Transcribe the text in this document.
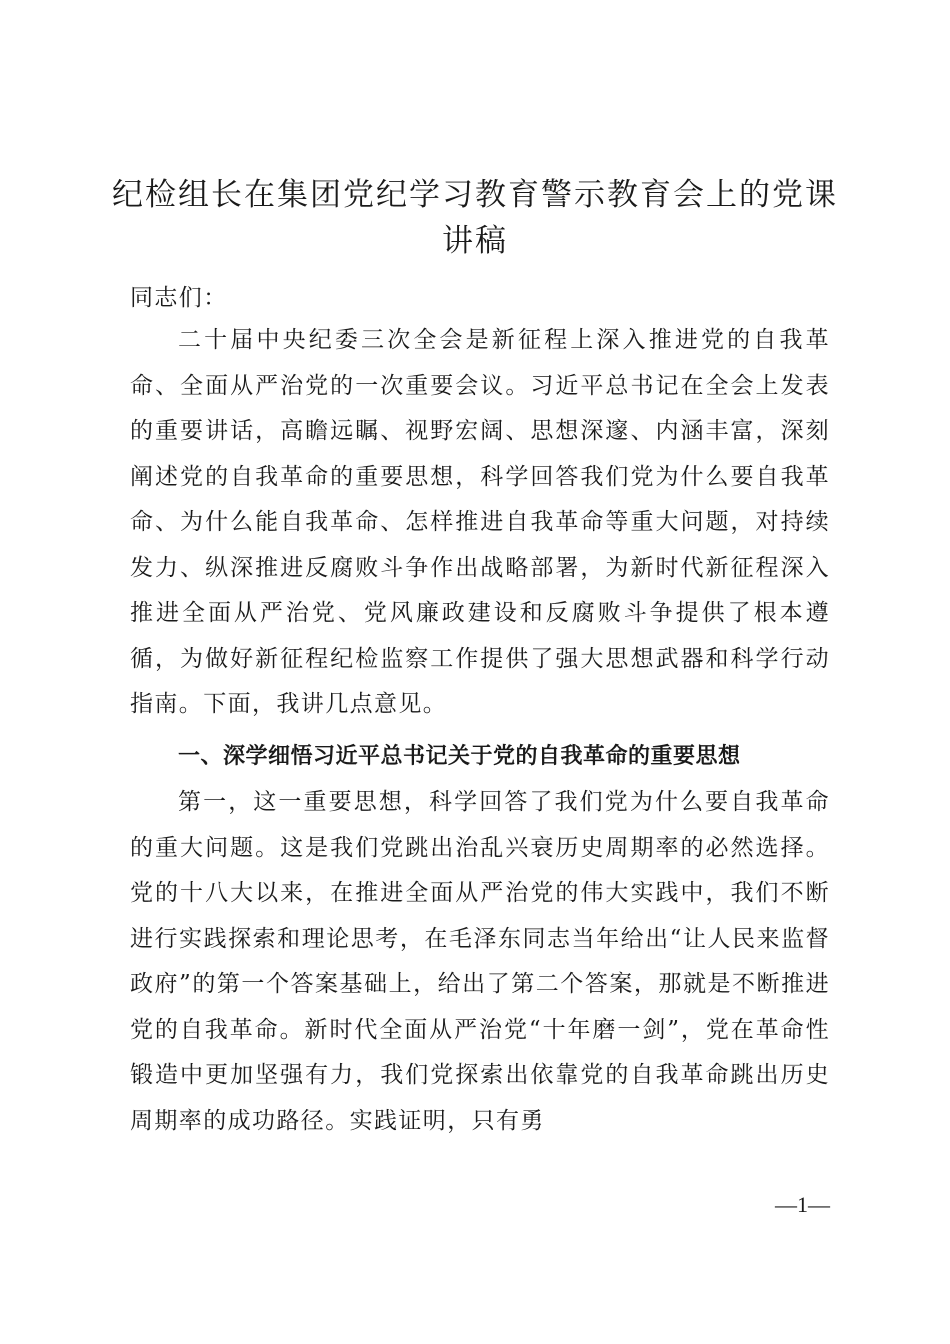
纪检组长在集团党纪学习教育警示教育会上的党课讲稿

同志们：

二十届中央纪委三次全会是新征程上深入推进党的自我革命、全面从严治党的一次重要会议。习近平总书记在全会上发表的重要讲话，高瞻远瞩、视野宏阔、思想深邃、内涵丰富，深刻阐述党的自我革命的重要思想，科学回答我们党为什么要自我革命、为什么能自我革命、怎样推进自我革命等重大问题，对持续发力、纵深推进反腐败斗争作出战略部署，为新时代新征程深入推进全面从严治党、党风廉政建设和反腐败斗争提供了根本遵循，为做好新征程纪检监察工作提供了强大思想武器和科学行动指南。下面，我讲几点意见。

一、深学细悟习近平总书记关于党的自我革命的重要思想

第一，这一重要思想，科学回答了我们党为什么要自我革命的重大问题。这是我们党跳出治乱兴衰历史周期率的必然选择。党的十八大以来，在推进全面从严治党的伟大实践中，我们不断进行实践探索和理论思考，在毛泽东同志当年给出“让人民来监督政府”的第一个答案基础上，给出了第二个答案，那就是不断推进党的自我革命。新时代全面从严治党“十年磨一剑”，党在革命性锻造中更加坚强有力，我们党探索出依靠党的自我革命跳出历史周期率的成功路径。实践证明，只有勇

—1—
